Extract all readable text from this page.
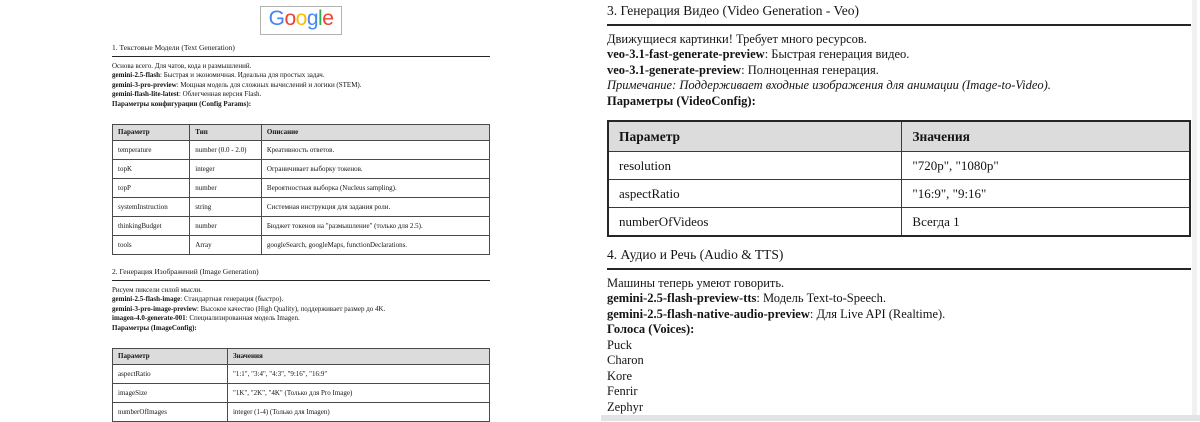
Google
1. Текстовые Модели (Text Generation)

Основа всего. Для чатов, кода и размышлений.

gemini-2.5-flash: Быстрая и экономичная. Идеальна для простых задач.

gemini-3-pro-preview: Мощная модель для сложных вычислений и логики (STEM).

gemini-flash-lite-latest: Облегченная версия Flash.

Параметры конфигурации (Config Params):

Параметр	Тип	Описание
temperature	number (0.0 - 2.0)	Креативность ответов.
topK	integer	Ограничивает выборку токенов.
topP	number	Вероятностная выборка (Nucleus sampling).
systemInstruction	string	Системная инструкция для задания роли.
thinkingBudget	number	Бюджет токенов на "размышление" (только для 2.5).
tools	Array	googleSearch, googleMaps, functionDeclarations.
2. Генерация Изображений (Image Generation)

Рисуем пиксели силой мысли.

gemini-2.5-flash-image: Стандартная генерация (быстро).

gemini-3-pro-image-preview: Высокое качество (High Quality), поддерживает размер до 4K.

imagen-4.0-generate-001: Специализированная модель Imagen.

Параметры (ImageConfig):

Параметр	Значения
aspectRatio	"1:1", "3:4", "4:3", "9:16", "16:9"
imageSize	"1K", "2K", "4K" (Только для Pro Image)
numberOfImages	integer (1-4) (Только для Imagen)
3. Генерация Видео (Video Generation - Veo)

Движущиеся картинки! Требует много ресурсов.

veo-3.1-fast-generate-preview: Быстрая генерация видео.

veo-3.1-generate-preview: Полноценная генерация.

Примечание: Поддерживает входные изображения для анимации (Image-to-Video).

Параметры (VideoConfig):

Параметр	Значения
resolution	"720p", "1080p"
aspectRatio	"16:9", "9:16"
numberOfVideos	Всегда 1
4. Аудио и Речь (Audio & TTS)

Машины теперь умеют говорить.

gemini-2.5-flash-preview-tts: Модель Text-to-Speech.

gemini-2.5-flash-native-audio-preview: Для Live API (Realtime).

Голоса (Voices):

Puck

Charon

Kore

Fenrir

Zephyr
